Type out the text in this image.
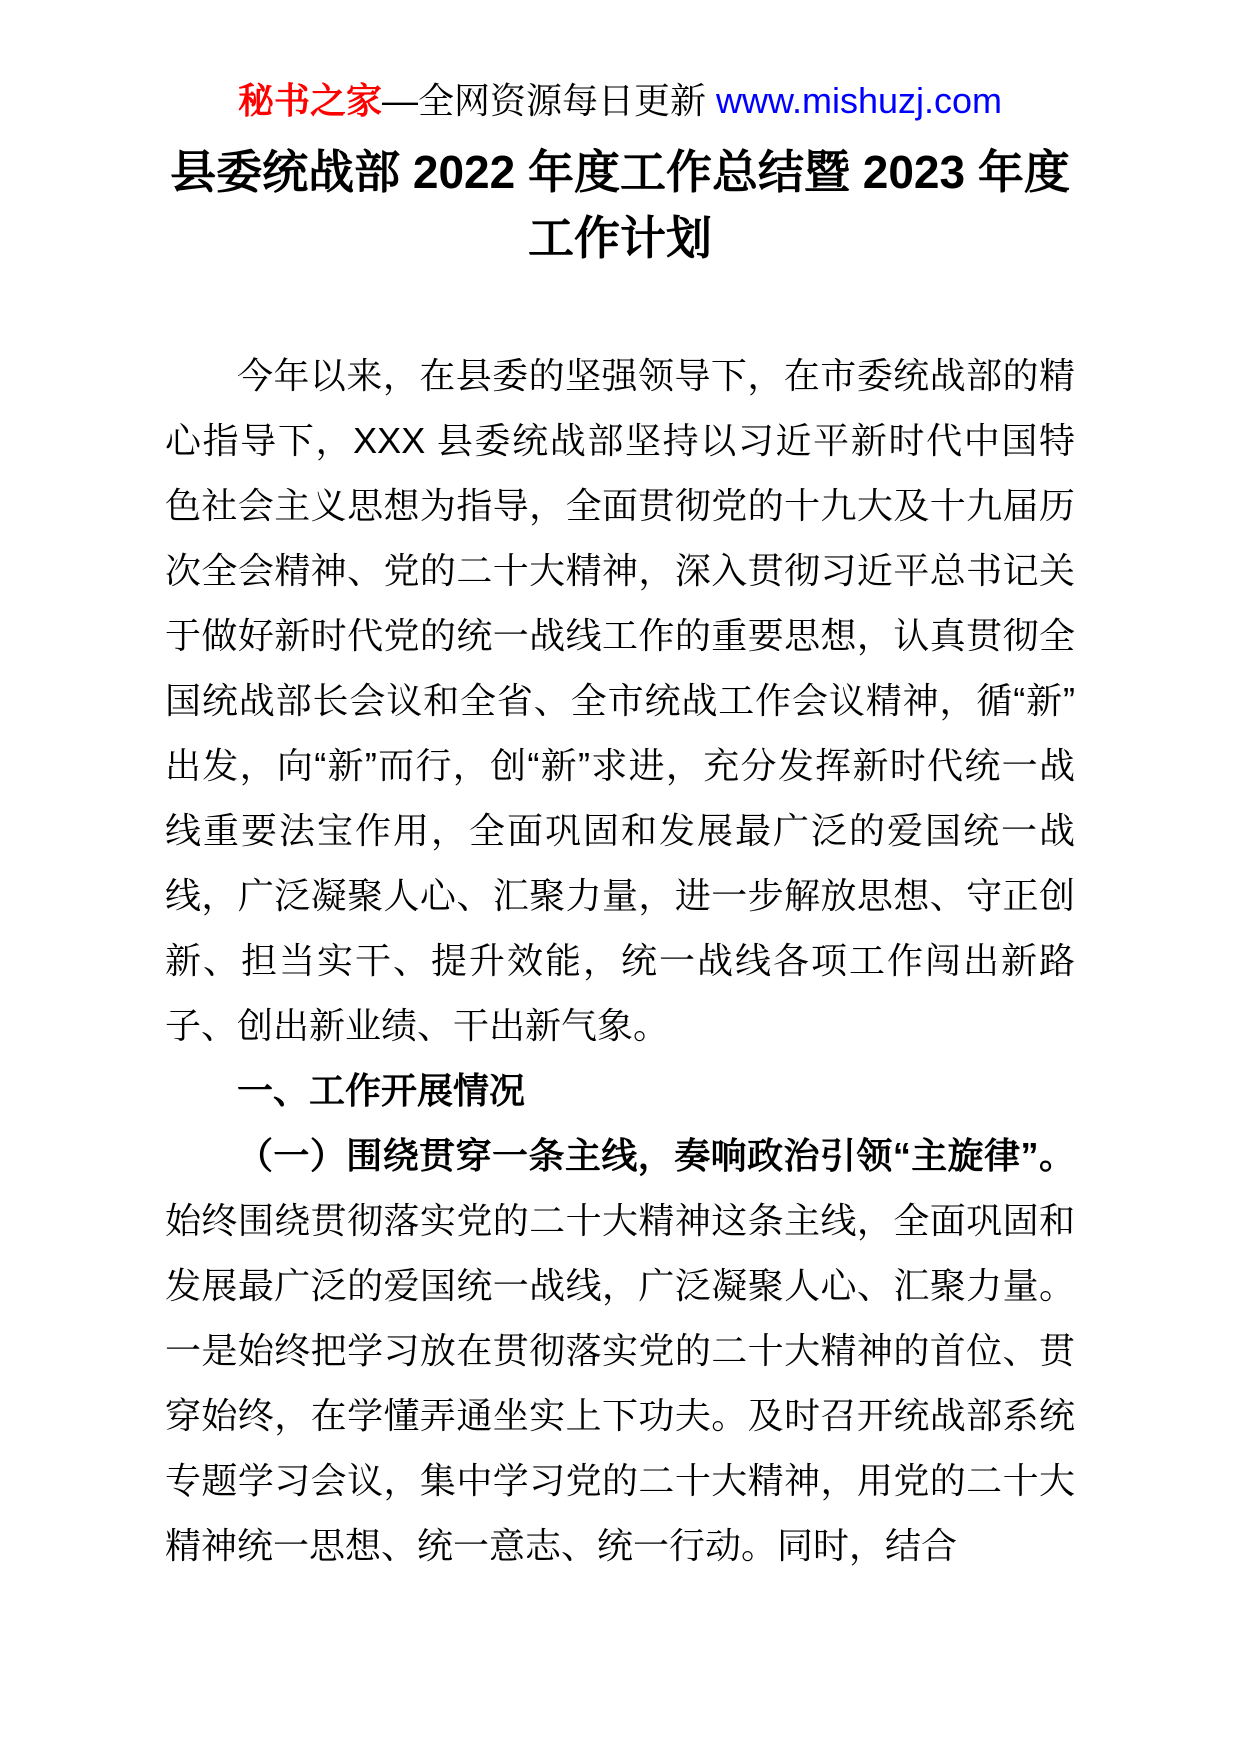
秘书之家—全网资源每日更新 www.mishuzj.com
县委统战部 2022 年度工作总结暨 2023 年度工作计划

今年以来，在县委的坚强领导下，在市委统战部的精心指导下，XXX 县委统战部坚持以习近平新时代中国特色社会主义思想为指导，全面贯彻党的十九大及十九届历次全会精神、党的二十大精神，深入贯彻习近平总书记关于做好新时代党的统一战线工作的重要思想，认真贯彻全国统战部长会议和全省、全市统战工作会议精神，循“新”出发，向“新”而行，创“新”求进，充分发挥新时代统一战线重要法宝作用，全面巩固和发展最广泛的爱国统一战线，广泛凝聚人心、汇聚力量，进一步解放思想、守正创新、担当实干、提升效能，统一战线各项工作闯出新路子、创出新业绩、干出新气象。

一、工作开展情况

（一）围绕贯穿一条主线，奏响政治引领“主旋律”。始终围绕贯彻落实党的二十大精神这条主线，全面巩固和发展最广泛的爱国统一战线，广泛凝聚人心、汇聚力量。一是始终把学习放在贯彻落实党的二十大精神的首位、贯穿始终，在学懂弄通坐实上下功夫。及时召开统战部系统专题学习会议，集中学习党的二十大精神，用党的二十大精神统一思想、统一意志、统一行动。同时，结合
